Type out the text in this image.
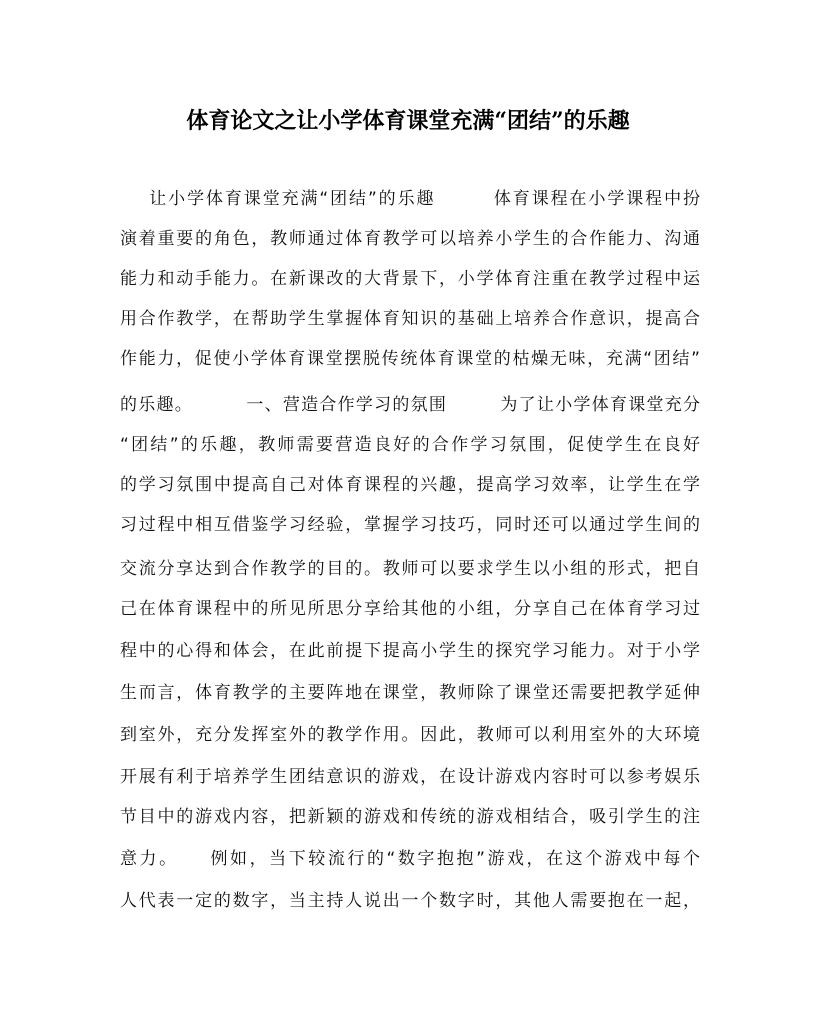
体育论文之让小学体育课堂充满“团结”的乐趣
让小学体育课堂充满“团结”的乐趣        体育课程在小学课程中扮
演着重要的角色，教师通过体育教学可以培养小学生的合作能力、沟通
能力和动手能力。在新课改的大背景下，小学体育注重在教学过程中运
用合作教学，在帮助学生掌握体育知识的基础上培养合作意识，提高合
作能力，促使小学体育课堂摆脱传统体育课堂的枯燥无味，充满“团结”
的乐趣。        一、营造合作学习的氛围        为了让小学体育课堂充分
“团结”的乐趣，教师需要营造良好的合作学习氛围，促使学生在良好
的学习氛围中提高自己对体育课程的兴趣，提高学习效率，让学生在学
习过程中相互借鉴学习经验，掌握学习技巧，同时还可以通过学生间的
交流分享达到合作教学的目的。教师可以要求学生以小组的形式，把自
己在体育课程中的所见所思分享给其他的小组，分享自己在体育学习过
程中的心得和体会，在此前提下提高小学生的探究学习能力。对于小学
生而言，体育教学的主要阵地在课堂，教师除了课堂还需要把教学延伸
到室外，充分发挥室外的教学作用。因此，教师可以利用室外的大环境
开展有利于培养学生团结意识的游戏，在设计游戏内容时可以参考娱乐
节目中的游戏内容，把新颖的游戏和传统的游戏相结合，吸引学生的注
意力。    例如，当下较流行的“数字抱抱”游戏，在这个游戏中每个
人代表一定的数字，当主持人说出一个数字时，其他人需要抱在一起，
